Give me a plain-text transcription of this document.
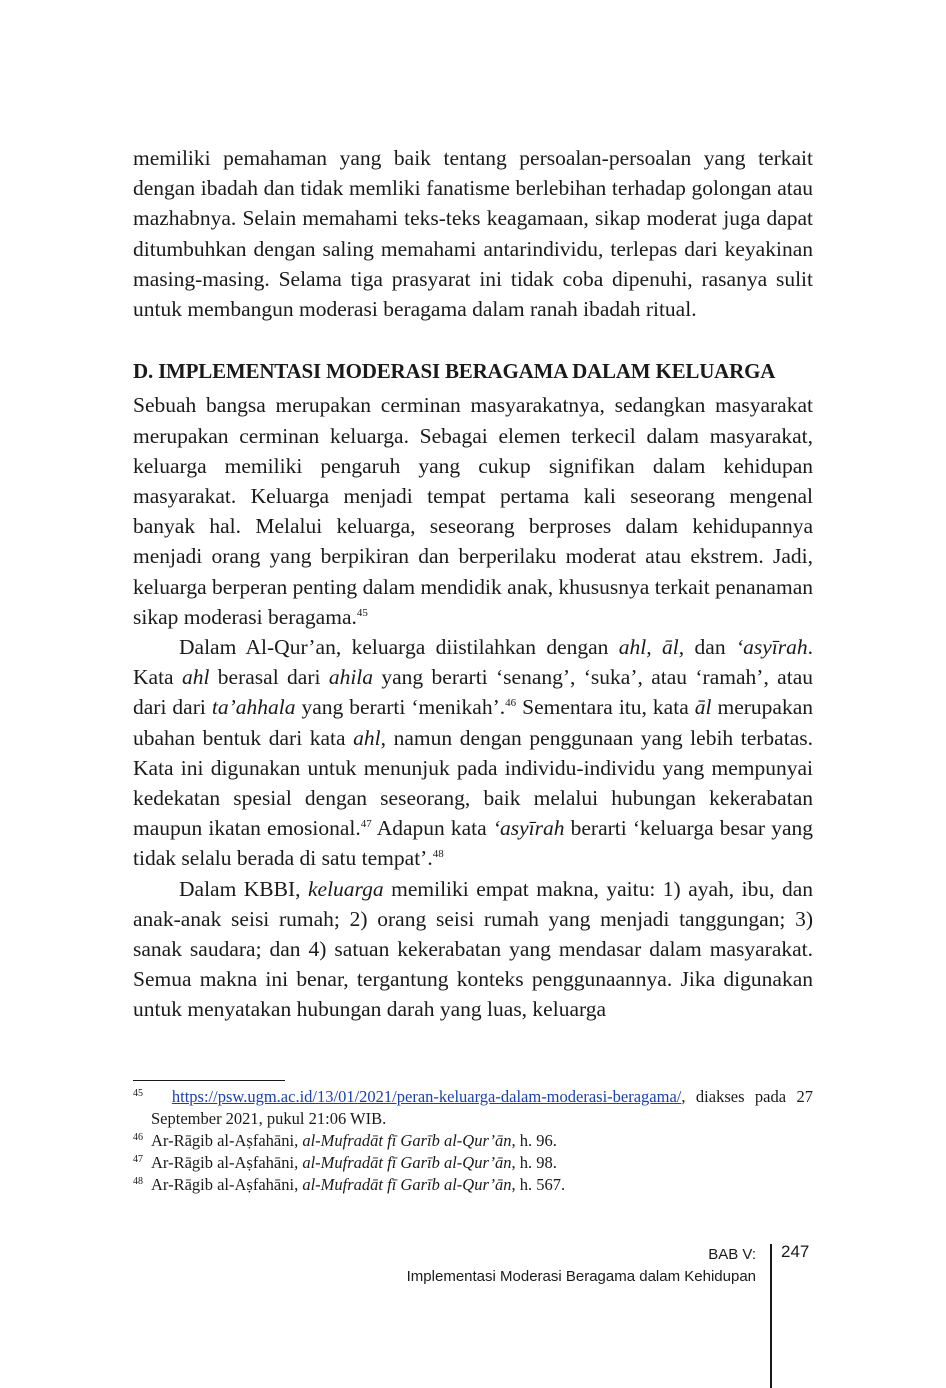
memiliki pemahaman yang baik tentang persoalan-persoalan yang terkait dengan ibadah dan tidak memliki fanatisme berlebihan terhadap golongan atau mazhabnya. Selain memahami teks-teks keagamaan, sikap moderat juga dapat ditumbuhkan dengan saling memahami antarindividu, terlepas dari keyakinan masing-masing. Selama tiga prasyarat ini tidak coba dipenuhi, rasanya sulit untuk membangun moderasi beragama dalam ranah ibadah ritual.

D. IMPLEMENTASI MODERASI BERAGAMA DALAM KELUARGA

Sebuah bangsa merupakan cerminan masyarakatnya, sedangkan masyarakat merupakan cerminan keluarga. Sebagai elemen terkecil dalam masyarakat, keluarga memiliki pengaruh yang cukup signifikan dalam kehidupan masyarakat. Keluarga menjadi tempat pertama kali seseorang mengenal banyak hal. Melalui keluarga, seseorang berproses dalam kehidupannya menjadi orang yang berpikiran dan berperilaku moderat atau ekstrem. Jadi, keluarga berperan penting dalam mendidik anak, khususnya terkait penanaman sikap moderasi beragama.$^{45}$

Dalam Al-Qur’an, keluarga diistilahkan dengan ahl, āl, dan ‘asyīrah. Kata ahl berasal dari ahila yang berarti ‘senang’, ‘suka’, atau ‘ramah’, atau dari dari ta’ahhala yang berarti ‘menikah’.$^{46}$ Sementara itu, kata āl merupakan ubahan bentuk dari kata ahl, namun dengan penggunaan yang lebih terbatas. Kata ini digunakan untuk menunjuk pada individu-individu yang mempunyai kedekatan spesial dengan seseorang, baik melalui hubungan kekerabatan maupun ikatan emosional.$^{47}$ Adapun kata ‘asyīrah berarti ‘keluarga besar yang tidak selalu berada di satu tempat’.$^{48}$

Dalam KBBI, keluarga memiliki empat makna, yaitu: 1) ayah, ibu, dan anak-anak seisi rumah; 2) orang seisi rumah yang menjadi tanggungan; 3) sanak saudara; dan 4) satuan kekerabatan yang mendasar dalam masyarakat. Semua makna ini benar, tergantung konteks penggunaannya. Jika digunakan untuk menyatakan hubungan darah yang luas, keluarga

45	https://psw.ugm.ac.id/13/01/2021/peran-keluarga-dalam-moderasi-beragama/, diakses pada 27 September 2021, pukul 21:06 WIB.
46 Ar-Rāgib al-Aṣfahāni, al-Mufradāt fī Garīb al-Qur’ān, h. 96.
47 Ar-Rāgib al-Aṣfahāni, al-Mufradāt fī Garīb al-Qur’ān, h. 98.
48 Ar-Rāgib al-Aṣfahāni, al-Mufradāt fī Garīb al-Qur’ān, h. 567.
BAB V:
Implementasi Moderasi Beragama dalam Kehidupan
247
